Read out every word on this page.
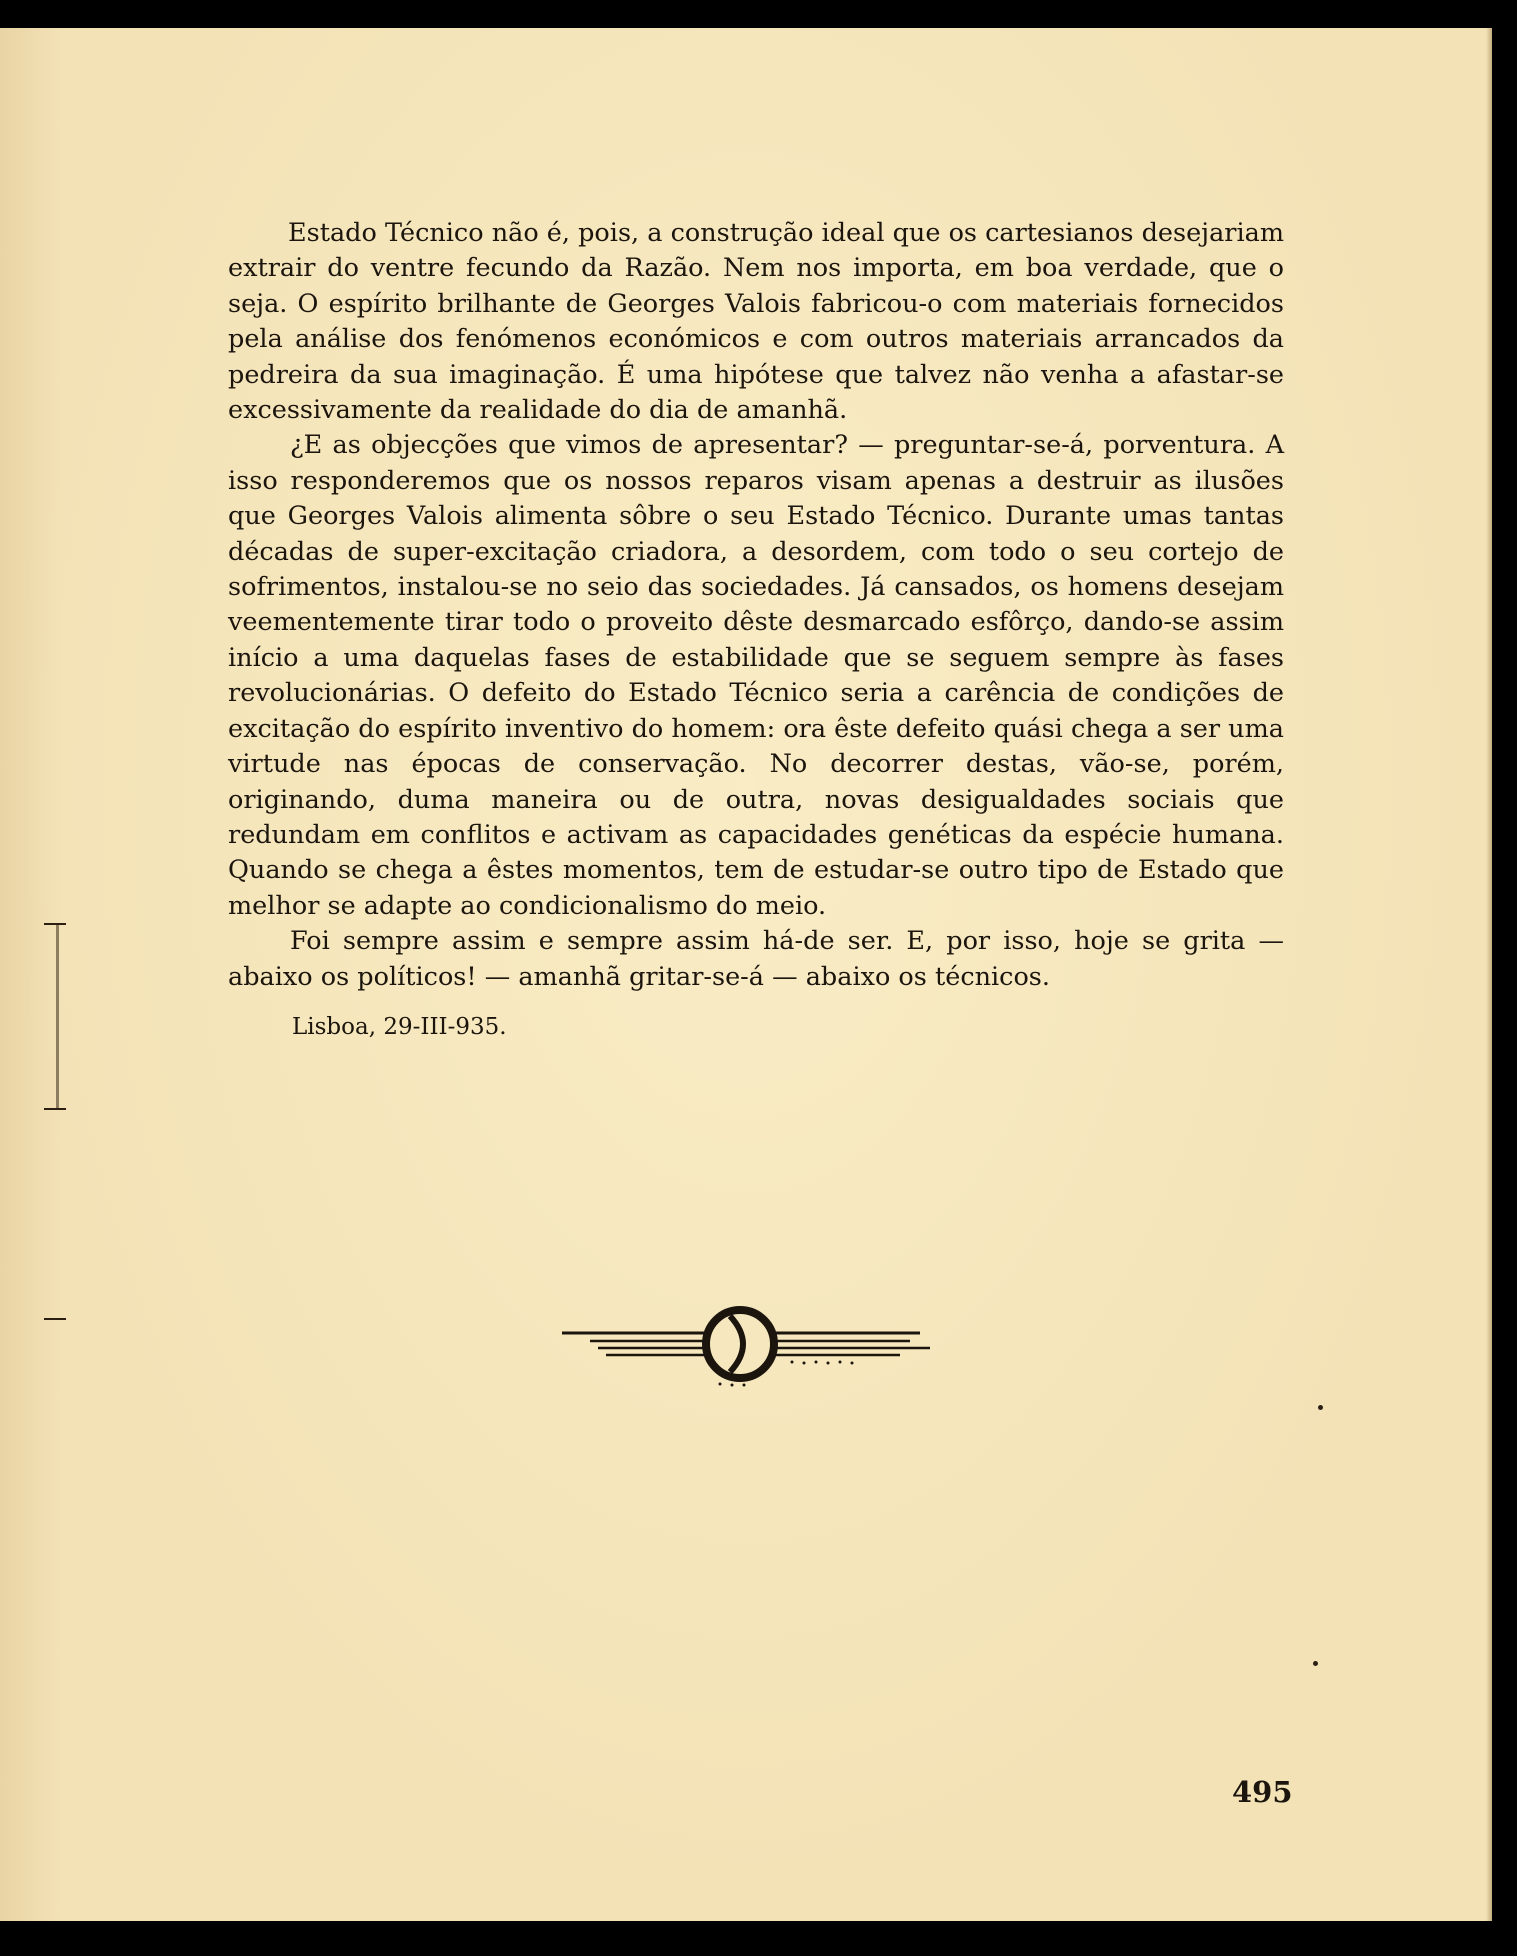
Estado Técnico não é, pois, a construção ideal que os cartesianos desejariam extrair do ventre fecundo da Razão. Nem nos importa, em boa verdade, que o seja. O espírito brilhante de Georges Valois fabricou-o com materiais fornecidos pela análise dos fenómenos económicos e com outros materiais arrancados da pedreira da sua imaginação. É uma hipótese que talvez não venha a afastar-se excessivamente da realidade do dia de amanhã.

¿E as objecções que vimos de apresentar? — preguntar-se-á, porventura. A isso responderemos que os nossos reparos visam apenas a destruir as ilusões que Georges Valois alimenta sôbre o seu Estado Técnico. Durante umas tantas décadas de super-excitação criadora, a desordem, com todo o seu cortejo de sofrimentos, instalou-se no seio das sociedades. Já cansados, os homens desejam veementemente tirar todo o proveito dêste desmarcado esfôrço, dando-se assim início a uma daquelas fases de estabilidade que se seguem sempre às fases revolucionárias. O defeito do Estado Técnico seria a carência de condições de excitação do espírito inventivo do homem: ora êste defeito quási chega a ser uma virtude nas épocas de conservação. No decorrer destas, vão-se, porém, originando, duma maneira ou de outra, novas desigualdades sociais que redundam em conflitos e activam as capacidades genéticas da espécie humana. Quando se chega a êstes momentos, tem de estudar-se outro tipo de Estado que melhor se adapte ao condicionalismo do meio.

Foi sempre assim e sempre assim há-de ser. E, por isso, hoje se grita — abaixo os políticos! — amanhã gritar-se-á — abaixo os técnicos.

Lisboa, 29-III-935.
495
